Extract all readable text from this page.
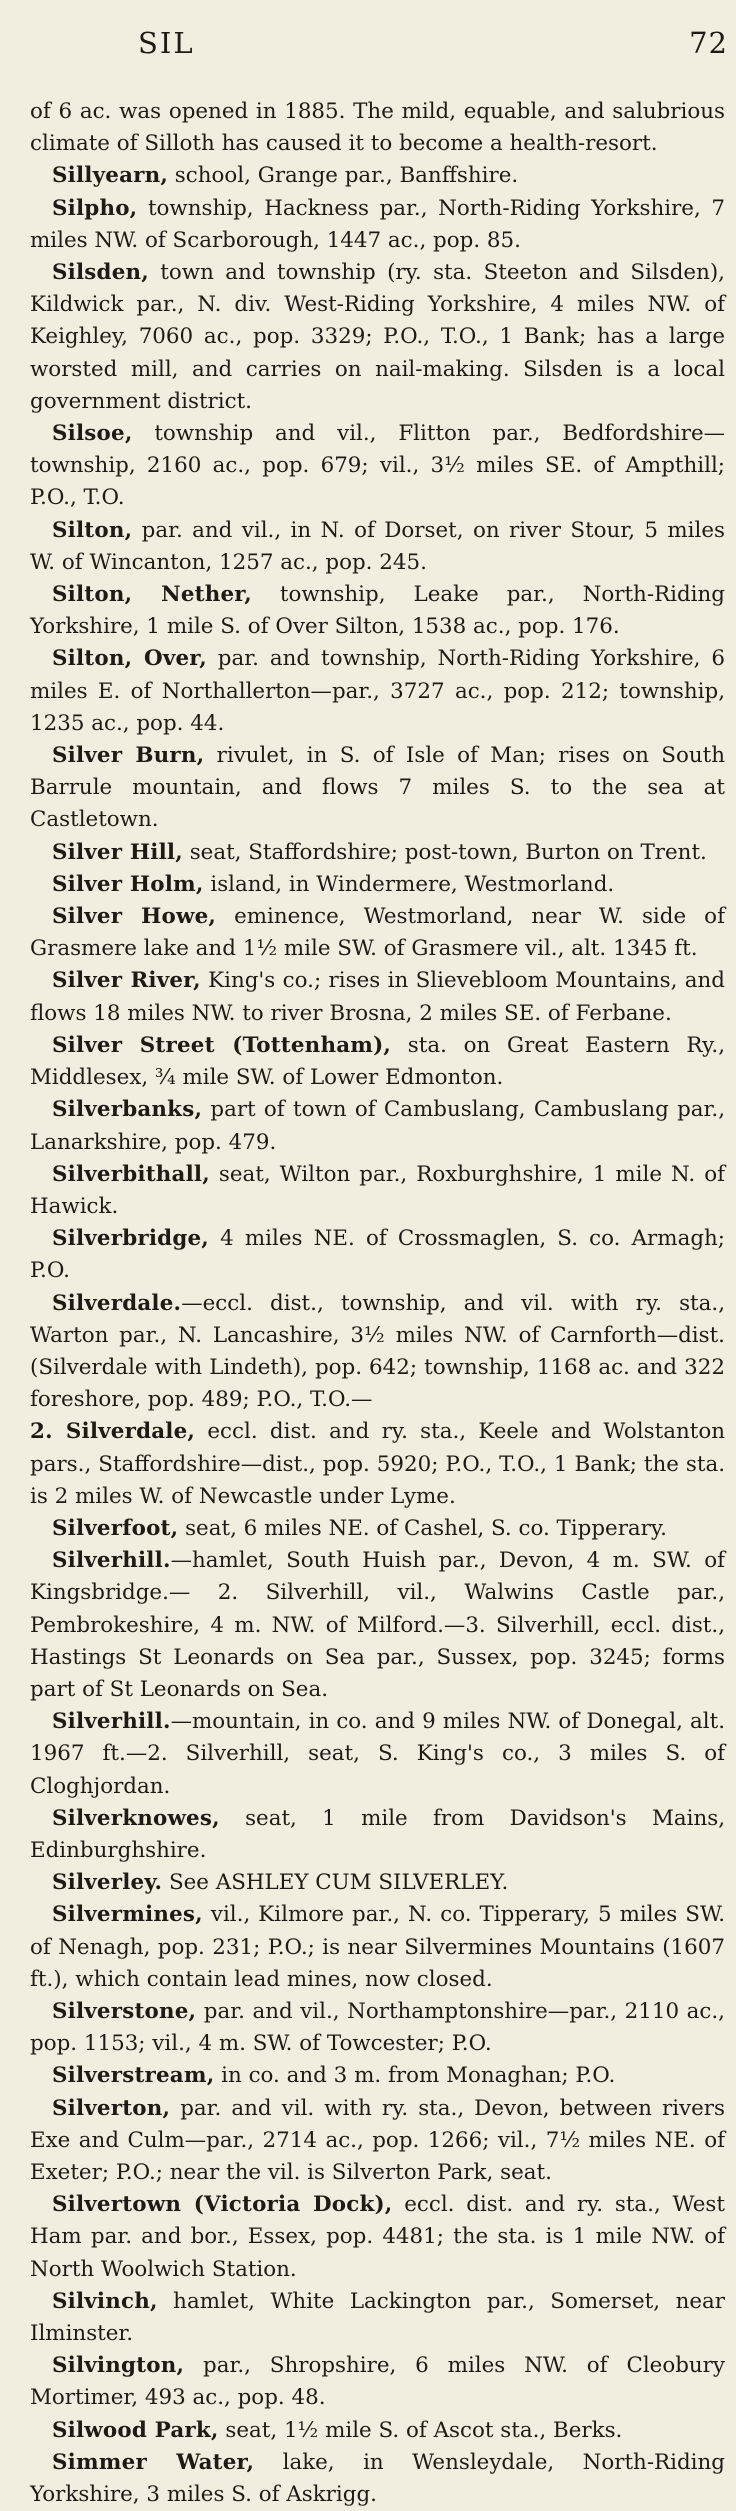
SIL	72

of 6 ac. was opened in 1885. The mild, equable, and salubrious climate of Silloth has caused it to become a health-resort.

Sillyearn, school, Grange par., Banffshire.

Silpho, township, Hackness par., North-Riding Yorkshire, 7 miles NW. of Scarborough, 1447 ac., pop. 85.

Silsden, town and township (ry. sta. Steeton and Silsden), Kildwick par., N. div. West-Riding Yorkshire, 4 miles NW. of Keighley, 7060 ac., pop. 3329; P.O., T.O., 1 Bank; has a large worsted mill, and carries on nail-making. Silsden is a local government district.

Silsoe, township and vil., Flitton par., Bedfordshire—township, 2160 ac., pop. 679; vil., 3½ miles SE. of Ampthill; P.O., T.O.

Silton, par. and vil., in N. of Dorset, on river Stour, 5 miles W. of Wincanton, 1257 ac., pop. 245.

Silton, Nether, township, Leake par., North-Riding Yorkshire, 1 mile S. of Over Silton, 1538 ac., pop. 176.

Silton, Over, par. and township, North-Riding Yorkshire, 6 miles E. of Northallerton—par., 3727 ac., pop. 212; township, 1235 ac., pop. 44.

Silver Burn, rivulet, in S. of Isle of Man; rises on South Barrule mountain, and flows 7 miles S. to the sea at Castletown.

Silver Hill, seat, Staffordshire; post-town, Burton on Trent.

Silver Holm, island, in Windermere, Westmorland.

Silver Howe, eminence, Westmorland, near W. side of Grasmere lake and 1½ mile SW. of Grasmere vil., alt. 1345 ft.

Silver River, King's co.; rises in Slievebloom Mountains, and flows 18 miles NW. to river Brosna, 2 miles SE. of Ferbane.

Silver Street (Tottenham), sta. on Great Eastern Ry., Middlesex, ¾ mile SW. of Lower Edmonton.

Silverbanks, part of town of Cambuslang, Cambuslang par., Lanarkshire, pop. 479.

Silverbithall, seat, Wilton par., Roxburghshire, 1 mile N. of Hawick.

Silverbridge, 4 miles NE. of Crossmaglen, S. co. Armagh; P.O.

Silverdale.—eccl. dist., township, and vil. with ry. sta., Warton par., N. Lancashire, 3½ miles NW. of Carnforth—dist. (Silverdale with Lindeth), pop. 642; township, 1168 ac. and 322 foreshore, pop. 489; P.O., T.O.—

2. Silverdale, eccl. dist. and ry. sta., Keele and Wolstanton pars., Staffordshire—dist., pop. 5920; P.O., T.O., 1 Bank; the sta. is 2 miles W. of Newcastle under Lyme.

Silverfoot, seat, 6 miles NE. of Cashel, S. co. Tipperary.

Silverhill.—hamlet, South Huish par., Devon, 4 m. SW. of Kingsbridge.— 2. Silverhill, vil., Walwins Castle par., Pembrokeshire, 4 m. NW. of Milford.—3. Silverhill, eccl. dist., Hastings St Leonards on Sea par., Sussex, pop. 3245; forms part of St Leonards on Sea.

Silverhill.—mountain, in co. and 9 miles NW. of Donegal, alt. 1967 ft.—2. Silverhill, seat, S. King's co., 3 miles S. of Cloghjordan.

Silverknowes, seat, 1 mile from Davidson's Mains, Edinburghshire.

Silverley. See ASHLEY CUM SILVERLEY.

Silvermines, vil., Kilmore par., N. co. Tipperary, 5 miles SW. of Nenagh, pop. 231; P.O.; is near Silvermines Mountains (1607 ft.), which contain lead mines, now closed.

Silverstone, par. and vil., Northamptonshire—par., 2110 ac., pop. 1153; vil., 4 m. SW. of Towcester; P.O.

Silverstream, in co. and 3 m. from Monaghan; P.O.

Silverton, par. and vil. with ry. sta., Devon, between rivers Exe and Culm—par., 2714 ac., pop. 1266; vil., 7½ miles NE. of Exeter; P.O.; near the vil. is Silverton Park, seat.

Silvertown (Victoria Dock), eccl. dist. and ry. sta., West Ham par. and bor., Essex, pop. 4481; the sta. is 1 mile NW. of North Woolwich Station.

Silvinch, hamlet, White Lackington par., Somerset, near Ilminster.

Silvington, par., Shropshire, 6 miles NW. of Cleobury Mortimer, 493 ac., pop. 48.

Silwood Park, seat, 1½ mile S. of Ascot sta., Berks.

Simmer Water, lake, in Wensleydale, North-Riding Yorkshire, 3 miles S. of Askrigg.
